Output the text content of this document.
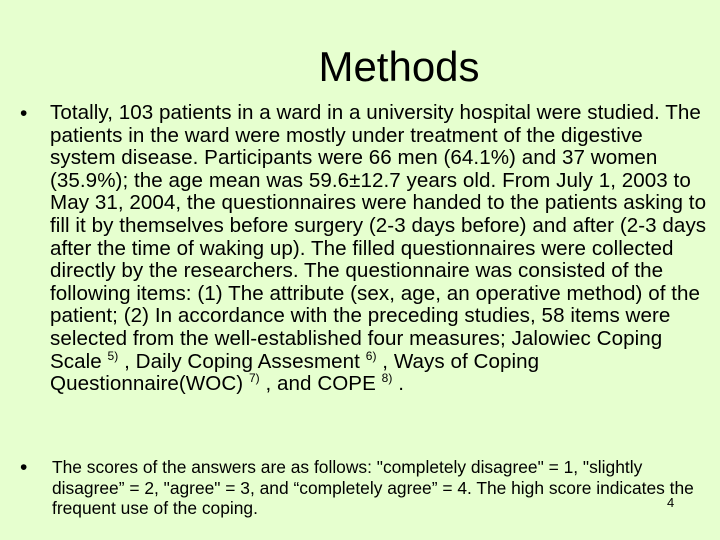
Methods
• Totally, 103 patients in a ward in a university hospital were studied. The patients in the ward were mostly under treatment of the digestive system disease. Participants were 66 men (64.1%) and 37 women (35.9%); the age mean was 59.6±12.7 years old. From July 1, 2003 to May 31, 2004, the questionnaires were handed to the patients asking to fill it by themselves before surgery (2-3 days before) and after (2-3 days after the time of waking up). The filled questionnaires were collected directly by the researchers. The questionnaire was consisted of the following items: (1) The attribute (sex, age, an operative method) of the patient; (2) In accordance with the preceding studies, 58 items were selected from the well-established four measures; Jalowiec Coping Scale $^{5)}$ , Daily Coping Assesment $^{6)}$ , Ways of Coping Questionnaire(WOC) $^{7)}$ , and COPE $^{8)}$ .
• The scores of the answers are as follows: "completely disagree" = 1, "slightly disagree” = 2, "agree" = 3, and “completely agree” = 4. The high score indicates the frequent use of the coping.	4
